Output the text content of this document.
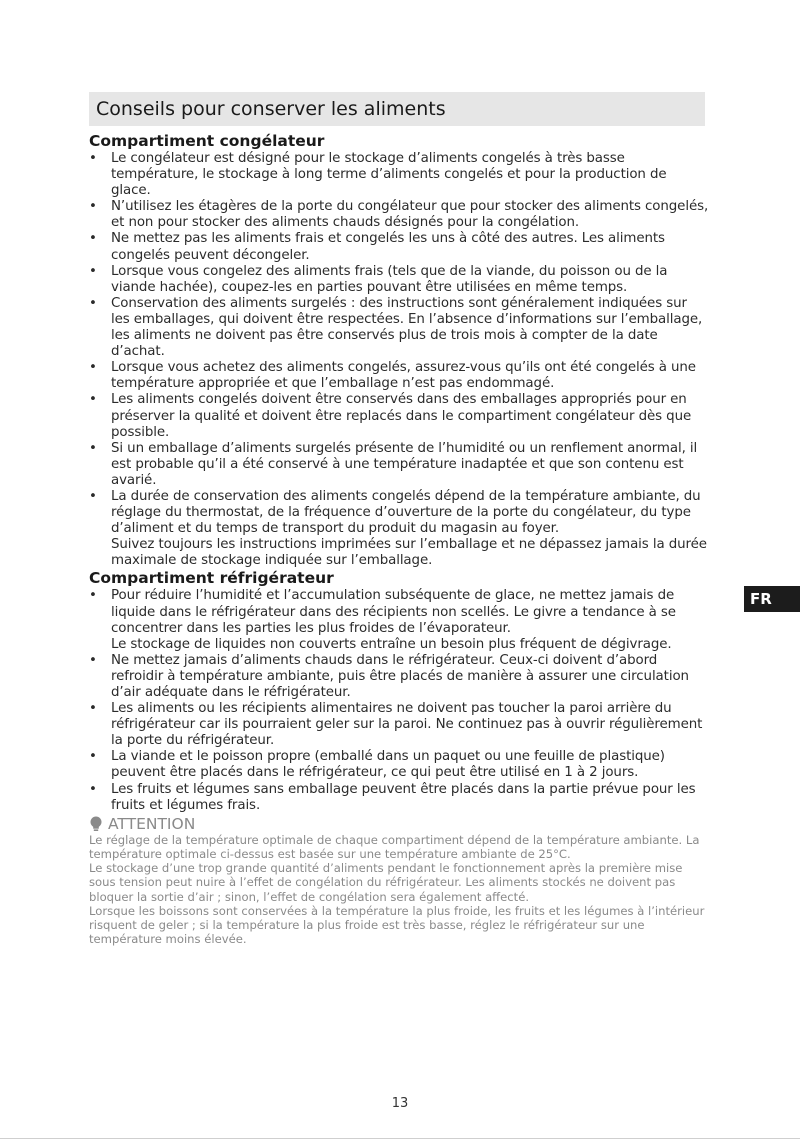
Conseils pour conserver les aliments
Compartiment congélateur
• Le congélateur est désigné pour le stockage d’aliments congelés à très basse température, le stockage à long terme d’aliments congelés et pour la production de glace.
• N’utilisez les étagères de la porte du congélateur que pour stocker des aliments congelés, et non pour stocker des aliments chauds désignés pour la congélation.
• Ne mettez pas les aliments frais et congelés les uns à côté des autres. Les aliments congelés peuvent décongeler.
• Lorsque vous congelez des aliments frais (tels que de la viande, du poisson ou de la viande hachée), coupez-les en parties pouvant être utilisées en même temps.
• Conservation des aliments surgelés : des instructions sont généralement indiquées sur les emballages, qui doivent être respectées. En l’absence d’informations sur l’emballage, les aliments ne doivent pas être conservés plus de trois mois à compter de la date d’achat.
• Lorsque vous achetez des aliments congelés, assurez-vous qu’ils ont été congelés à une température appropriée et que l’emballage n’est pas endommagé.
• Les aliments congelés doivent être conservés dans des emballages appropriés pour en préserver la qualité et doivent être replacés dans le compartiment congélateur dès que possible.
• Si un emballage d’aliments surgelés présente de l’humidité ou un renflement anormal, il est probable qu’il a été conservé à une température inadaptée et que son contenu est avarié.
• La durée de conservation des aliments congelés dépend de la température ambiante, du réglage du thermostat, de la fréquence d’ouverture de la porte du congélateur, du type d’aliment et du temps de transport du produit du magasin au foyer.
Suivez toujours les instructions imprimées sur l’emballage et ne dépassez jamais la durée maximale de stockage indiquée sur l’emballage.
Compartiment réfrigérateur
• Pour réduire l’humidité et l’accumulation subséquente de glace, ne mettez jamais de liquide dans le réfrigérateur dans des récipients non scellés. Le givre a tendance à se concentrer dans les parties les plus froides de l’évaporateur.
Le stockage de liquides non couverts entraîne un besoin plus fréquent de dégivrage.
• Ne mettez jamais d’aliments chauds dans le réfrigérateur. Ceux-ci doivent d’abord refroidir à température ambiante, puis être placés de manière à assurer une circulation d’air adéquate dans le réfrigérateur.
• Les aliments ou les récipients alimentaires ne doivent pas toucher la paroi arrière du réfrigérateur car ils pourraient geler sur la paroi. Ne continuez pas à ouvrir régulièrement la porte du réfrigérateur.
• La viande et le poisson propre (emballé dans un paquet ou une feuille de plastique) peuvent être placés dans le réfrigérateur, ce qui peut être utilisé en 1 à 2 jours.
• Les fruits et légumes sans emballage peuvent être placés dans la partie prévue pour les fruits et légumes frais.
ATTENTION

Le réglage de la température optimale de chaque compartiment dépend de la température ambiante. La température optimale ci-dessus est basée sur une température ambiante de 25°C.

Le stockage d’une trop grande quantité d’aliments pendant le fonctionnement après la première mise sous tension peut nuire à l’effet de congélation du réfrigérateur. Les aliments stockés ne doivent pas bloquer la sortie d’air ; sinon, l’effet de congélation sera également affecté.

Lorsque les boissons sont conservées à la température la plus froide, les fruits et les légumes à l’intérieur risquent de geler ; si la température la plus froide est très basse, réglez le réfrigérateur sur une température moins élevée.

FR
13
